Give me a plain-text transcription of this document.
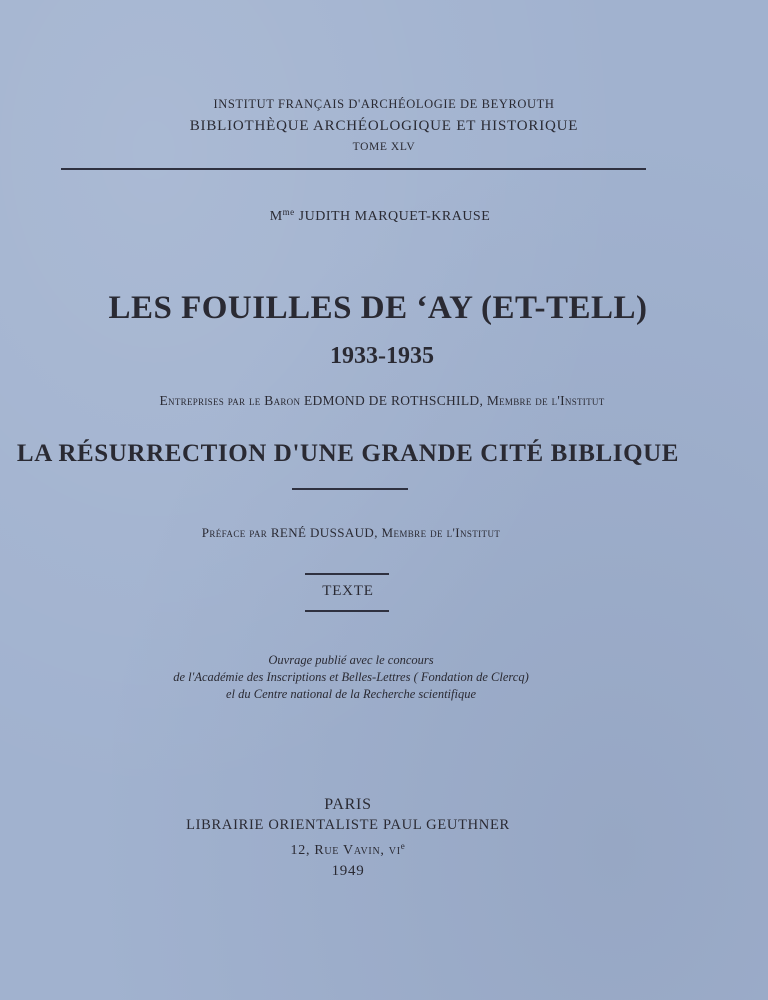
INSTITUT FRANÇAIS D'ARCHÉOLOGIE DE BEYROUTH
BIBLIOTHÈQUE ARCHÉOLOGIQUE ET HISTORIQUE
TOME XLV
$M^{me}$ JUDITH MARQUET-KRAUSE
LES FOUILLES DE ‘AY (ET-TELL)
1933-1935
Entreprises par le Baron EDMOND DE ROTHSCHILD, Membre de l'Institut
LA RÉSURRECTION D'UNE GRANDE CITÉ BIBLIQUE
Préface par RENÉ DUSSAUD, Membre de l'Institut
TEXTE
Ouvrage publié avec le concours
de l'Académie des Inscriptions et Belles-Lettres ( Fondation de Clercq)
el du Centre national de la Recherche scientifique
PARIS
LIBRAIRIE ORIENTALISTE PAUL GEUTHNER
12, Rue Vavin, $vi^e$
1949
